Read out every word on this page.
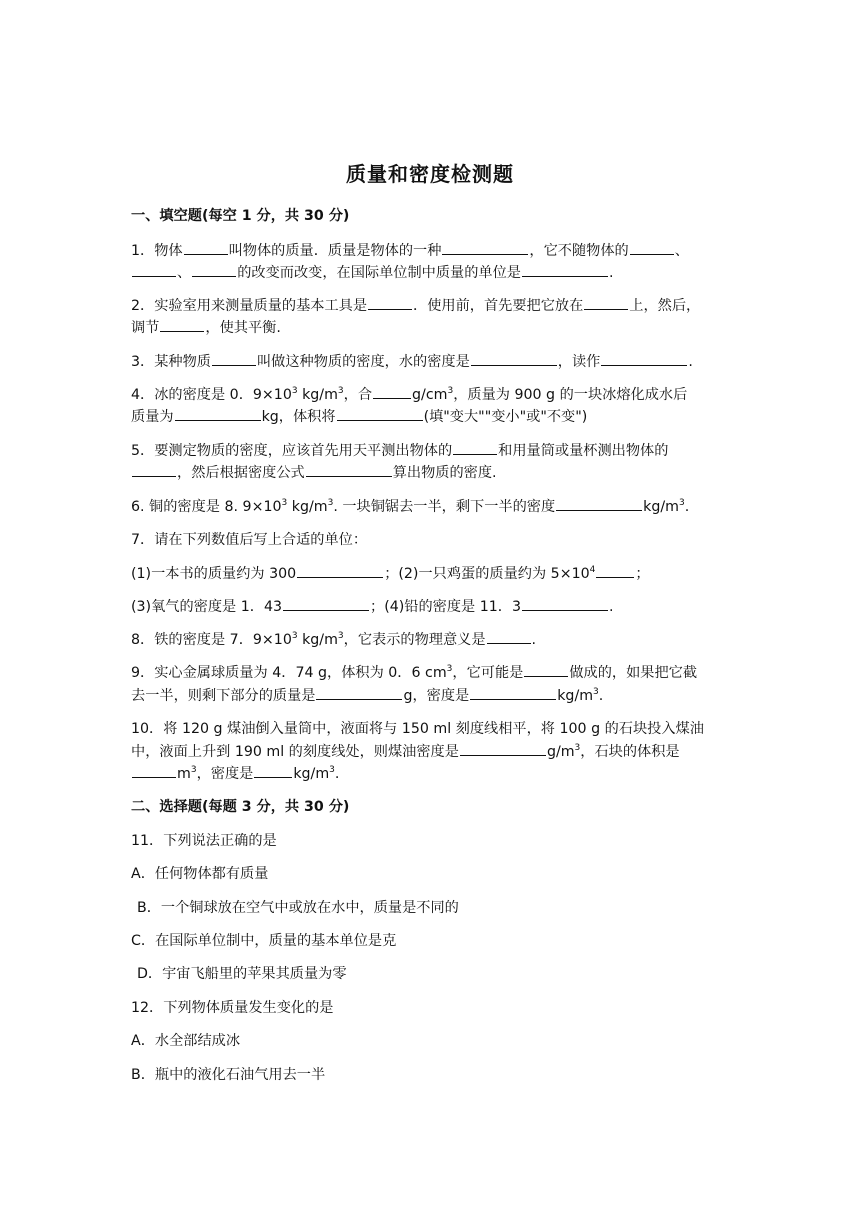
质量和密度检测题
一、填空题(每空 1 分，共 30 分)
1．物体	叫物体的质量．质量是物体的一种	，它不随物体的	、
、	的改变而改变，在国际单位制中质量的单位是	.
2．实验室用来测量质量的基本工具是	．使用前，首先要把它放在	上，然后，
调节	，使其平衡.
3．某种物质	叫做这种物质的密度，水的密度是	，读作	.
4．冰的密度是 0．$9\times 10^3$ $kg/m^3$，合	$g/cm^3$，质量为 900 g 的一块冰熔化成水后
质量为	kg，体积将	(填"变大""变小"或"不变")
5．要测定物质的密度，应该首先用天平测出物体的	和用量筒或量杯测出物体的
，然后根据密度公式	算出物质的密度.
6. 铜的密度是 8. $9\times 10^3$ $kg/m^3$. 一块铜锯去一半，剩下一半的密度	$kg/m^3$.
7．请在下列数值后写上合适的单位：
(1)一本书的质量约为 300	；(2)一只鸡蛋的质量约为 $5\times 10^4$	；
(3)氧气的密度是 1．43	；(4)铅的密度是 11．3	.
8．铁的密度是 7．$9\times 10^3$ $kg/m^3$，它表示的物理意义是	.
9．实心金属球质量为 4．74 g，体积为 0．6 $cm^3$，它可能是	做成的，如果把它截
去一半，则剩下部分的质量是	g，密度是	$kg/m^3$.
10．将 120 g 煤油倒入量筒中，液面将与 150 ml 刻度线相平，将 100 g 的石块投入煤油
中，液面上升到 190 ml 的刻度线处，则煤油密度是	$g/m^3$，石块的体积是
$m^3$，密度是	$kg/m^3$.
二、选择题(每题 3 分，共 30 分)
11．下列说法正确的是
A．任何物体都有质量
B．一个铜球放在空气中或放在水中，质量是不同的
C．在国际单位制中，质量的基本单位是克
D．宇宙飞船里的苹果其质量为零
12．下列物体质量发生变化的是
A．水全部结成冰
B．瓶中的液化石油气用去一半
